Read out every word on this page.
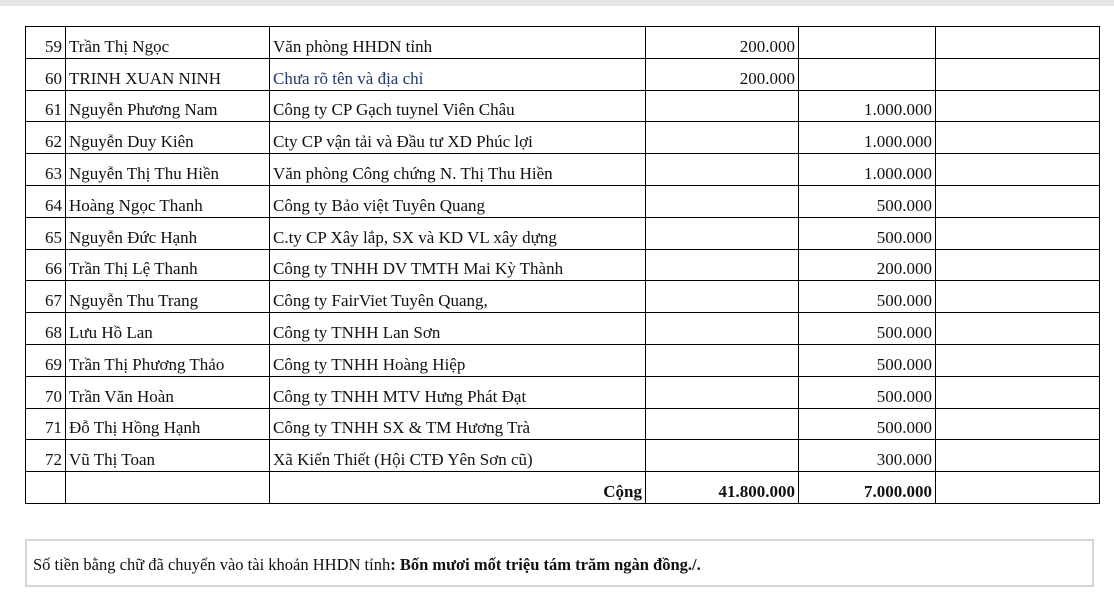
59	Trần Thị Ngọc	Văn phòng HHDN tỉnh	200.000		
60	TRINH XUAN NINH	Chưa rõ tên và địa chỉ	200.000		
61	Nguyễn Phương Nam	Công ty CP Gạch tuynel Viên Châu		1.000.000	
62	Nguyễn Duy Kiên	Cty CP vận tải và Đầu tư XD Phúc lợi		1.000.000	
63	Nguyễn Thị Thu Hiền	Văn phòng Công chứng N. Thị Thu Hiền		1.000.000	
64	Hoàng Ngọc Thanh	Công ty Bảo việt Tuyên Quang		500.000	
65	Nguyễn Đức Hạnh	C.ty CP Xây lắp, SX và KD VL xây dựng		500.000	
66	Trần Thị Lệ Thanh	Công ty TNHH DV TMTH Mai Kỳ Thành		200.000	
67	Nguyễn Thu Trang	Công ty FairViet Tuyên Quang,		500.000	
68	Lưu Hồ Lan	Công ty TNHH Lan Sơn		500.000	
69	Trần Thị Phương Thảo	Công ty TNHH Hoàng Hiệp		500.000	
70	Trần Văn Hoàn	Công ty TNHH MTV Hưng Phát Đạt		500.000	
71	Đỗ Thị Hồng Hạnh	Công ty TNHH SX & TM Hương Trà		500.000	
72	Vũ Thị Toan	Xã Kiến Thiết (Hội CTĐ Yên Sơn cũ)		300.000	
		Cộng	41.800.000	7.000.000	
Số tiền bằng chữ đã chuyển vào tài khoản HHDN tỉnh: Bốn mươi mốt triệu tám trăm ngàn đồng./.
